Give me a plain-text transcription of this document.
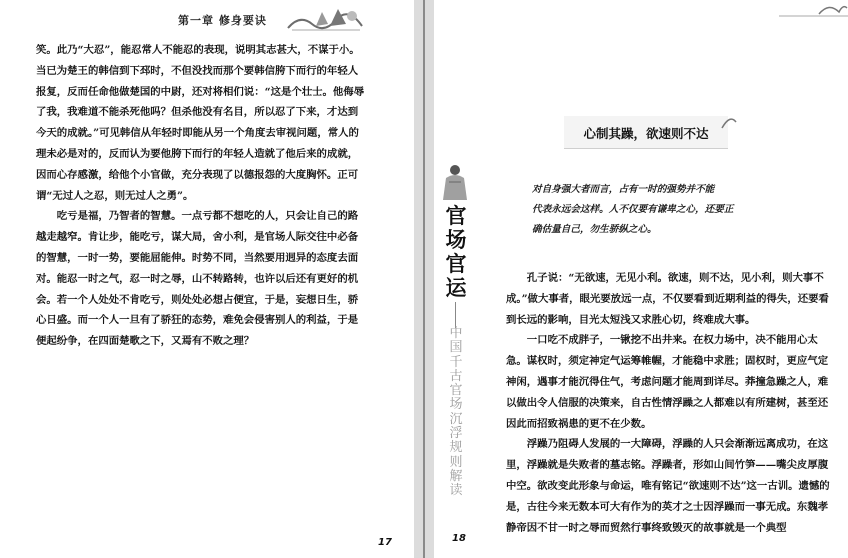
第一章 修身要诀

笑。此乃“大忍”，能忍常人不能忍的表现，说明其志甚大，不谋于小。当已为楚王的韩信到下邳时，不但没找而那个要韩信胯下而行的年轻人报复，反而任命他做楚国的中尉，还对将相们说：“这是个壮士。他侮辱了我，我难道不能杀死他吗？但杀他没有名目，所以忍了下来，才达到今天的成就。”可见韩信从年轻时即能从另一个角度去审视问题，常人的理未必是对的，反而认为要他胯下而行的年轻人造就了他后来的成就，因而心存感激，给他个小官做，充分表现了以德报怨的大度胸怀。正可谓“无过人之忍，则无过人之勇”。

吃亏是福，乃智者的智慧。一点亏都不想吃的人，只会让自己的路越走越窄。肯让步，能吃亏，谋大局，舍小利，是官场人际交往中必备的智慧，一时一势，要能屈能伸。时势不同，当然要用迥异的态度去面对。能忍一时之气，忍一时之辱，山不转路转，也许以后还有更好的机会。若一个人处处不肯吃亏，则处处必想占便宜，于是，妄想日生，骄心日盛。而一个人一旦有了骄狂的态势，难免会侵害别人的利益，于是便起纷争，在四面楚歌之下，又焉有不败之理？

17
官场官运
中国千古官场沉浮规则解读
心制其躁，欲速则不达

对自身强大者而言，占有一时的强势并不能

代表永远会这样。人不仅要有谦卑之心，还要正

确估量自己，勿生骄纵之心。

孔子说：“无欲速，无见小利。欲速，则不达，见小利，则大事不成。”做大事者，眼光要放远一点，不仅要看到近期利益的得失，还要看到长远的影响，目光太短浅又求胜心切，终难成大事。

一口吃不成胖子，一锹挖不出井来。在权力场中，决不能用心太急。谋权时，须定神定气运筹帷幄，才能稳中求胜；固权时，更应气定神闲，遇事才能沉得住气，考虑问题才能周到详尽。莽撞急躁之人，难以做出令人信服的决策来，自古性情浮躁之人都难以有所建树，甚至还因此而招致祸患的更不在少数。

浮躁乃阻碍人发展的一大障碍，浮躁的人只会渐渐远离成功，在这里，浮躁就是失败者的墓志铭。浮躁者，形如山间竹笋——嘴尖皮厚腹中空。欲改变此形象与命运，唯有铭记“欲速则不达”这一古训。遗憾的是，古往今来无数本可大有作为的英才之士因浮躁而一事无成。东魏孝静帝因不甘一时之辱而贸然行事终致毁灭的故事就是一个典型

18
